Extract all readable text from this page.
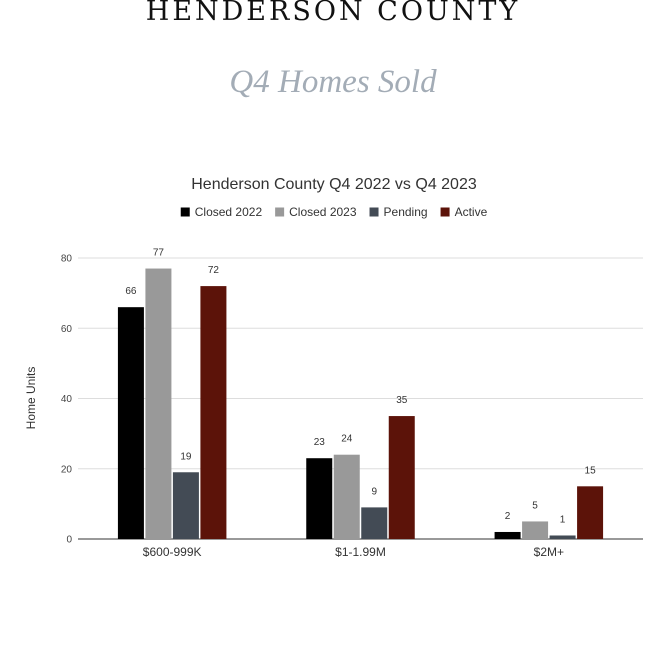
HENDERSON COUNTY
Q4 Homes Sold
Henderson County Q4 2022 vs Q4 2023
Closed 2022 Closed 2023 Pending Active
0
20
40
60
80
66
77
19
72
23 24
9
35
2
5
1
15
$600-999K	$1-1.99M	$2M+
Home Units
